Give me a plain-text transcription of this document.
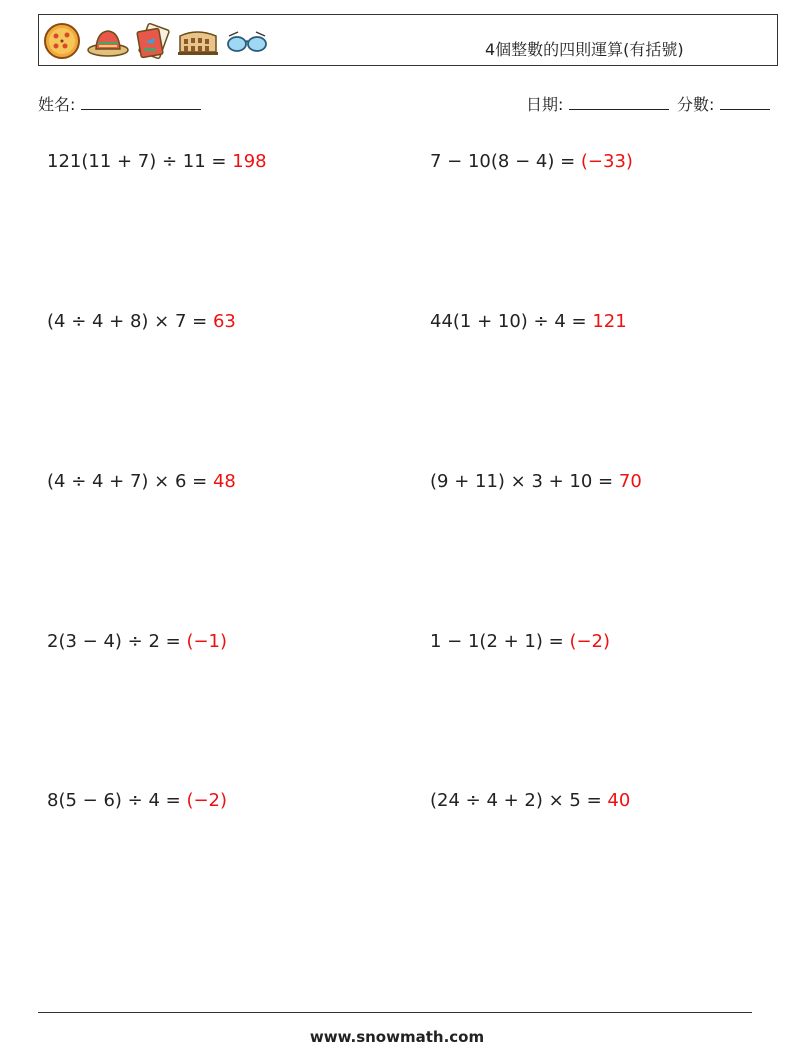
4個整數的四則運算(有括號)
姓名:	日期:	分數:
121(11 + 7) ÷ 11 = 198	7 − 10(8 − 4) = (−33)
(4 ÷ 4 + 8) × 7 = 63	44(1 + 10) ÷ 4 = 121
(4 ÷ 4 + 7) × 6 = 48	(9 + 11) × 3 + 10 = 70
2(3 − 4) ÷ 2 = (−1)	1 − 1(2 + 1) = (−2)
8(5 − 6) ÷ 4 = (−2)	(24 ÷ 4 + 2) × 5 = 40
www.snowmath.com
